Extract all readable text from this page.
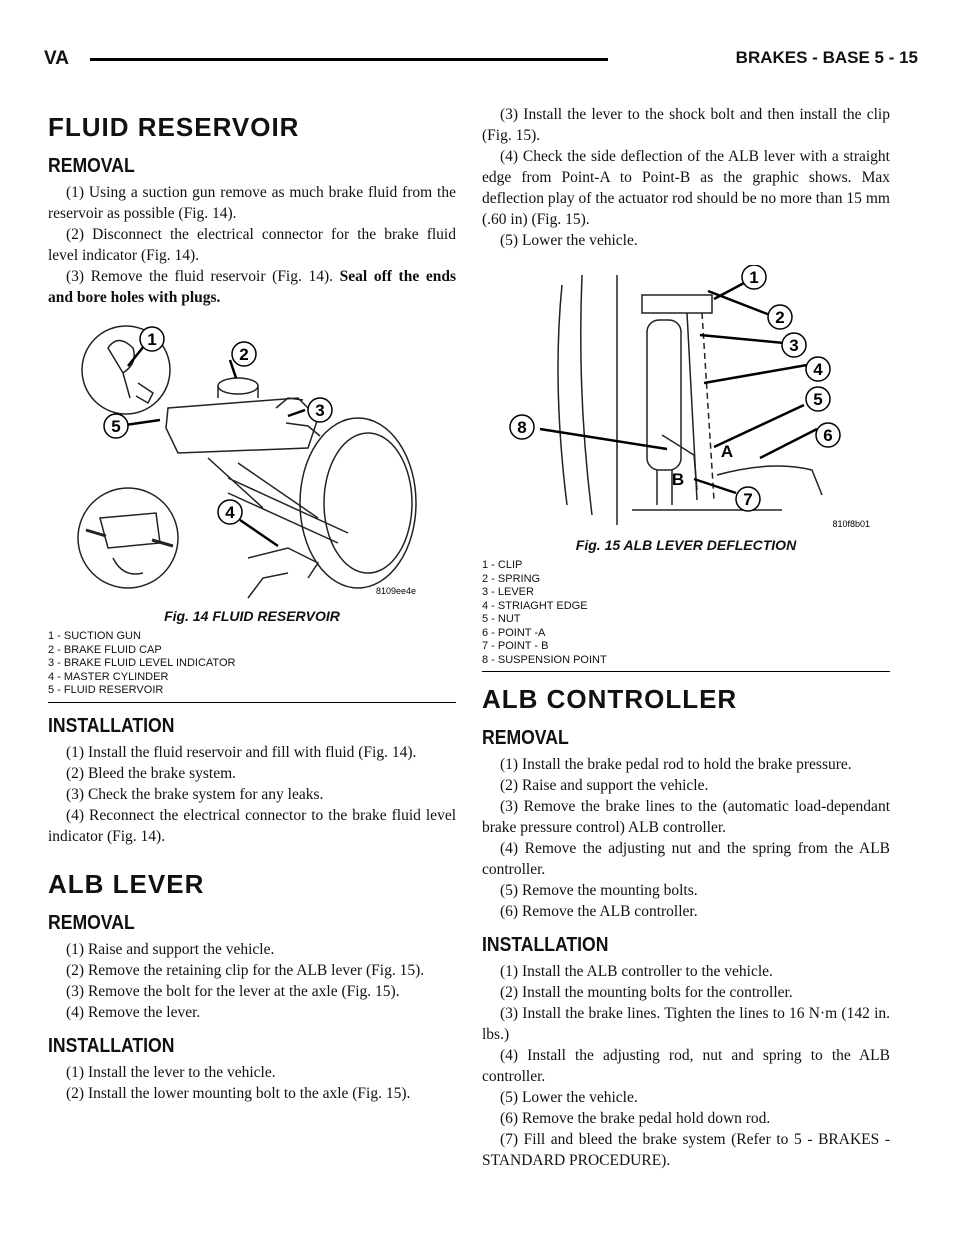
VA	BRAKES - BASE 5 - 15
FLUID RESERVOIR
REMOVAL

(1) Using a suction gun remove as much brake fluid from the reservoir as possible (Fig. 14).

(2) Disconnect the electrical connector for the brake fluid level indicator (Fig. 14).

(3) Remove the fluid reservoir (Fig. 14). Seal off the ends and bore holes with plugs.

1
2
3
4
5
8109ee4e
Fig. 14 FLUID RESERVOIR
1 - SUCTION GUN
2 - BRAKE FLUID CAP
3 - BRAKE FLUID LEVEL INDICATOR
4 - MASTER CYLINDER
5 - FLUID RESERVOIR
INSTALLATION

(1) Install the fluid reservoir and fill with fluid (Fig. 14).

(2) Bleed the brake system.

(3) Check the brake system for any leaks.

(4) Reconnect the electrical connector to the brake fluid level indicator (Fig. 14).

ALB LEVER
REMOVAL

(1) Raise and support the vehicle.

(2) Remove the retaining clip for the ALB lever (Fig. 15).

(3) Remove the bolt for the lever at the axle (Fig. 15).

(4) Remove the lever.

INSTALLATION

(1) Install the lever to the vehicle.

(2) Install the lower mounting bolt to the axle (Fig. 15).

(3) Install the lever to the shock bolt and then install the clip (Fig. 15).

(4) Check the side deflection of the ALB lever with a straight edge from Point-A to Point-B as the graphic shows. Max deflection play of the actuator rod should be no more than 15 mm (.60 in) (Fig. 15).

(5) Lower the vehicle.

1
2
3
4
5
6
7
8
A
B
810f8b01
Fig. 15 ALB LEVER DEFLECTION
1 - CLIP
2 - SPRING
3 - LEVER
4 - STRIAGHT EDGE
5 - NUT
6 - POINT -A
7 - POINT - B
8 - SUSPENSION POINT
ALB CONTROLLER
REMOVAL

(1) Install the brake pedal rod to hold the brake pressure.

(2) Raise and support the vehicle.

(3) Remove the brake lines to the (automatic load-dependant brake pressure control) ALB controller.

(4) Remove the adjusting nut and the spring from the ALB controller.

(5) Remove the mounting bolts.

(6) Remove the ALB controller.

INSTALLATION

(1) Install the ALB controller to the vehicle.

(2) Install the mounting bolts for the controller.

(3) Install the brake lines. Tighten the lines to 16 N·m (142 in. lbs.)

(4) Install the adjusting rod, nut and spring to the ALB controller.

(5) Lower the vehicle.

(6) Remove the brake pedal hold down rod.

(7) Fill and bleed the brake system (Refer to 5 - BRAKES - STANDARD PROCEDURE).
